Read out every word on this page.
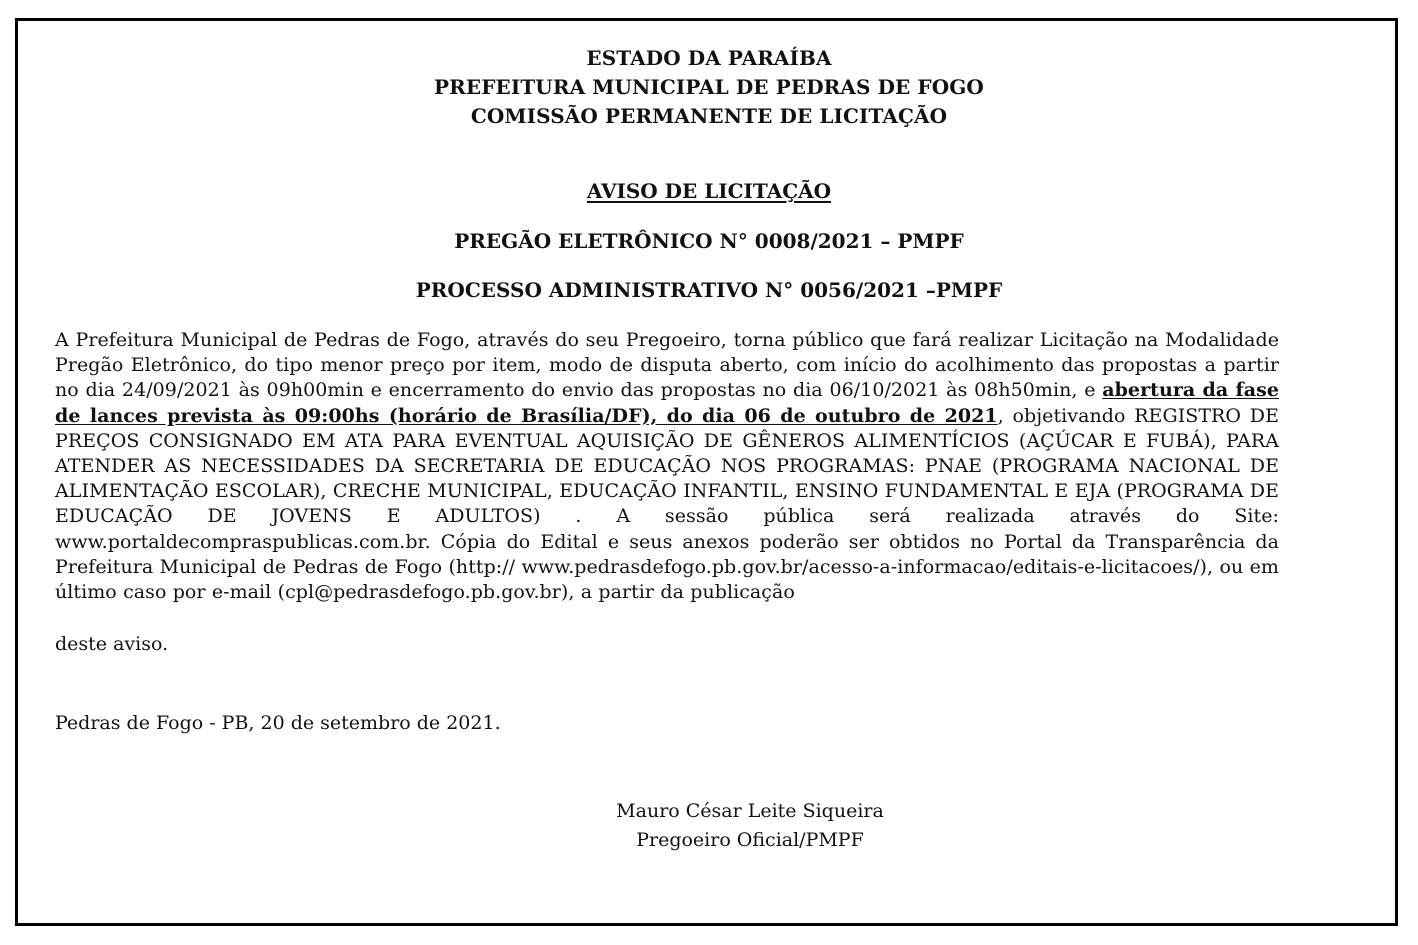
ESTADO DA PARAÍBA
PREFEITURA MUNICIPAL DE PEDRAS DE FOGO
COMISSÃO PERMANENTE DE LICITAÇÃO
AVISO DE LICITAÇÃO
PREGÃO ELETRÔNICO N° 0008/2021 – PMPF
PROCESSO ADMINISTRATIVO N° 0056/2021 –PMPF

A Prefeitura Municipal de Pedras de Fogo, através do seu Pregoeiro, torna público que fará realizar Licitação na Modalidade Pregão Eletrônico, do tipo menor preço por item, modo de disputa aberto, com início do acolhimento das propostas a partir no dia 24/09/2021 às 09h00min e encerramento do envio das propostas no dia 06/10/2021 às 08h50min, e abertura da fase de lances prevista às 09:00hs (horário de Brasília/DF), do dia 06 de outubro de 2021, objetivando REGISTRO DE PREÇOS CONSIGNADO EM ATA PARA EVENTUAL AQUISIÇÃO DE GÊNEROS ALIMENTÍCIOS (AÇÚCAR E FUBÁ), PARA ATENDER AS NECESSIDADES DA SECRETARIA DE EDUCAÇÃO NOS PROGRAMAS: PNAE (PROGRAMA NACIONAL DE ALIMENTAÇÃO ESCOLAR), CRECHE MUNICIPAL, EDUCAÇÃO INFANTIL, ENSINO FUNDAMENTAL E EJA (PROGRAMA DE EDUCAÇÃO DE JOVENS E ADULTOS) . A sessão pública será realizada através do Site: www.portaldecompraspublicas.com.br. Cópia do Edital e seus anexos poderão ser obtidos no Portal da Transparência da Prefeitura Municipal de Pedras de Fogo (http:// www.pedrasdefogo.pb.gov.br/acesso-a-informacao/editais-e-licitacoes/), ou em último caso por e-mail (cpl@pedrasdefogo.pb.gov.br), a partir da publicação

deste aviso.

Pedras de Fogo - PB, 20 de setembro de 2021.

Mauro César Leite Siqueira
Pregoeiro Oficial/PMPF
